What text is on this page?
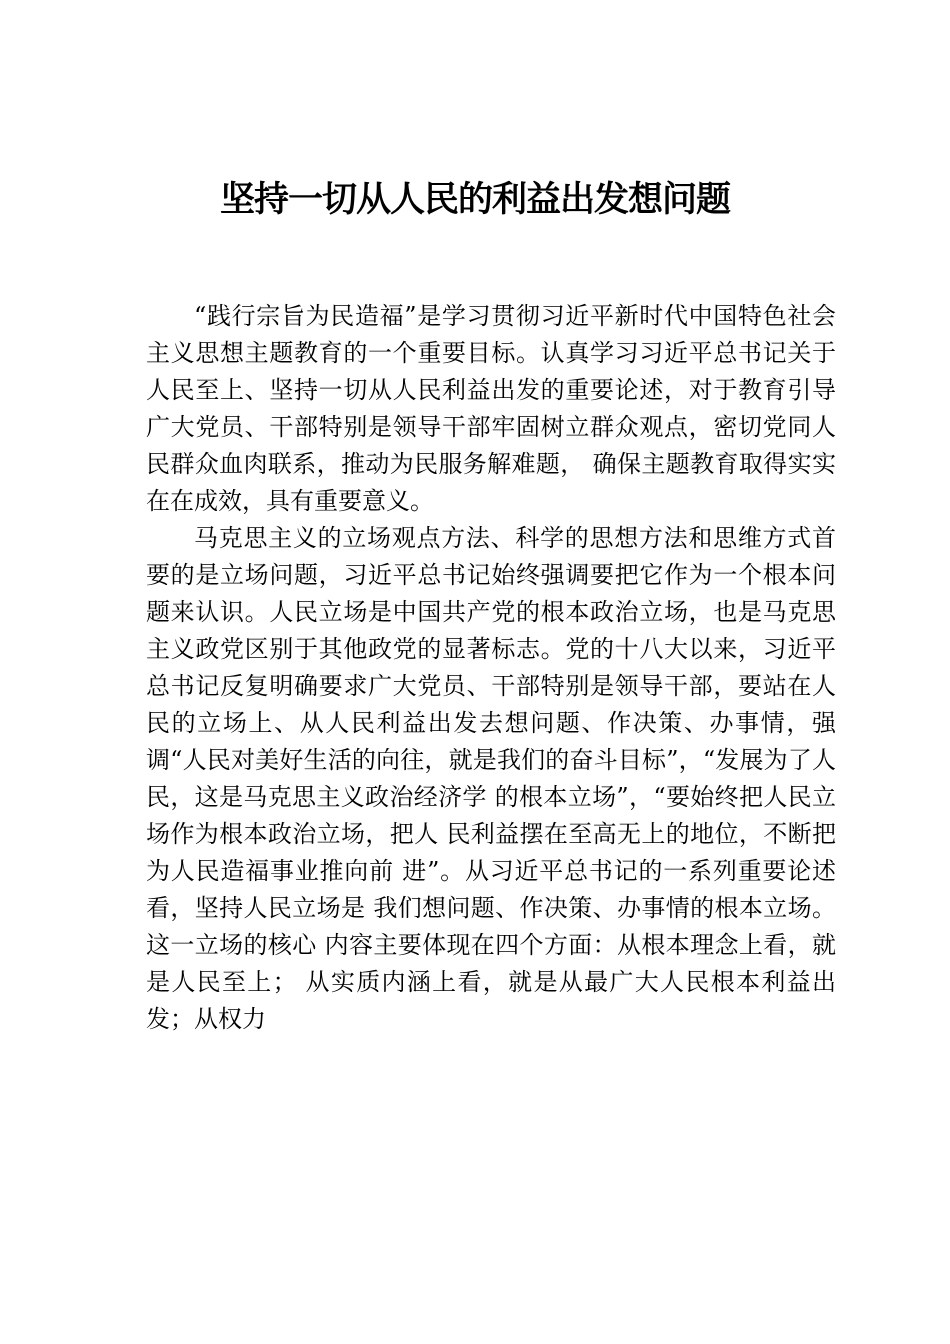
坚持一切从人民的利益出发想问题

“践行宗旨为民造福”是学习贯彻习近平新时代中国特色社会主义思想主题教育的一个重要目标。认真学习习近平总书记关于人民至上、坚持一切从人民利益出发的重要论述，对于教育引导广大党员、干部特别是领导干部牢固树立群众观点，密切党同人民群众血肉联系，推动为民服务解难题， 确保主题教育取得实实在在成效，具有重要意义。

马克思主义的立场观点方法、科学的思想方法和思维方式首要的是立场问题，习近平总书记始终强调要把它作为一个根本问题来认识。人民立场是中国共产党的根本政治立场，也是马克思主义政党区别于其他政党的显著标志。党的十八大以来，习近平总书记反复明确要求广大党员、干部特别是领导干部，要站在人民的立场上、从人民利益出发去想问题、作决策、办事情，强调“人民对美好生活的向往，就是我们的奋斗目标”，“发展为了人民，这是马克思主义政治经济学 的根本立场”，“要始终把人民立场作为根本政治立场，把人 民利益摆在至高无上的地位，不断把为人民造福事业推向前 进”。从习近平总书记的一系列重要论述看，坚持人民立场是 我们想问题、作决策、办事情的根本立场。这一立场的核心 内容主要体现在四个方面：从根本理念上看，就是人民至上； 从实质内涵上看，就是从最广大人民根本利益出发；从权力
